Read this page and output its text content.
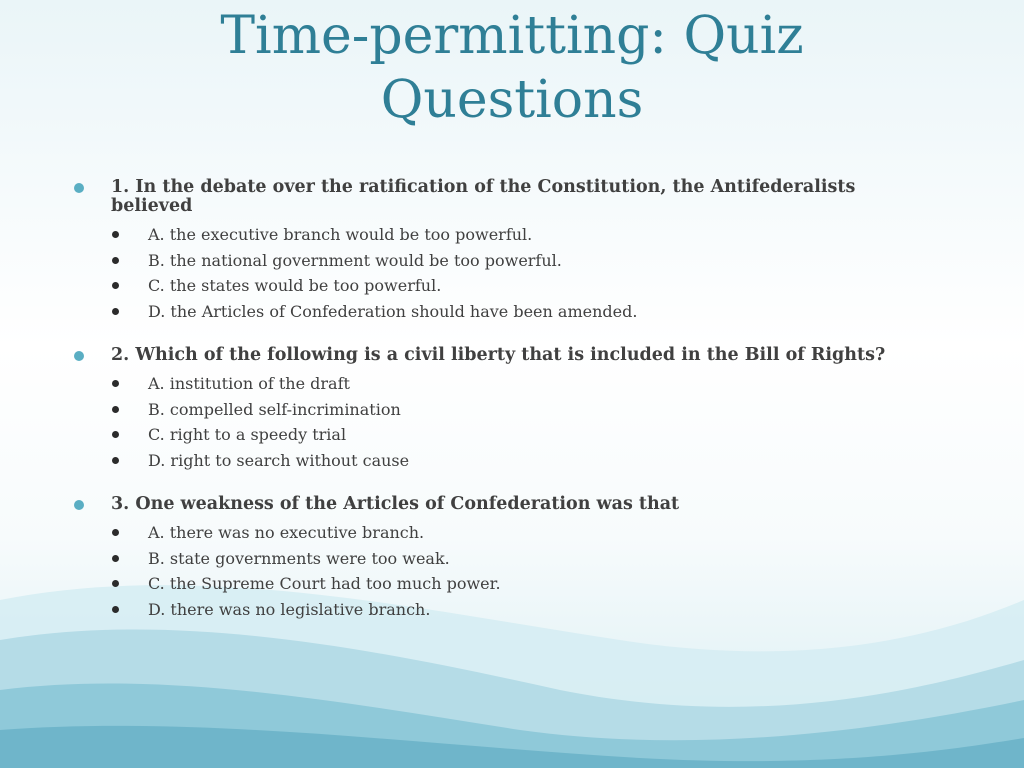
Time-permitting: Quiz
Questions
1. In the debate over the ratification of the Constitution, the Antifederalists believed
A. the executive branch would be too powerful.
B. the national government would be too powerful.
C. the states would be too powerful.
D. the Articles of Confederation should have been amended.
2. Which of the following is a civil liberty that is included in the Bill of Rights?
A. institution of the draft
B. compelled self-incrimination
C. right to a speedy trial
D. right to search without cause
3. One weakness of the Articles of Confederation was that
A. there was no executive branch.
B. state governments were too weak.
C. the Supreme Court had too much power.
D. there was no legislative branch.
